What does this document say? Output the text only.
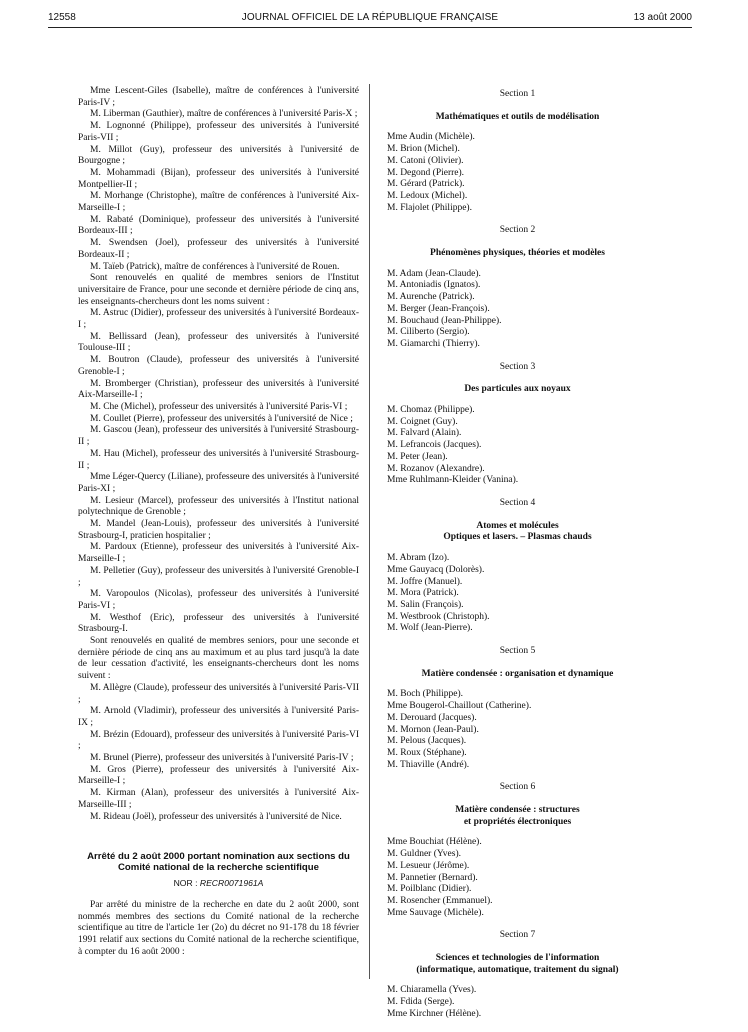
12558	JOURNAL OFFICIEL DE LA RÉPUBLIQUE FRANÇAISE	13 août 2000
Mme Lescent-Giles (Isabelle), maître de conférences à l'université Paris-IV ;
M. Liberman (Gauthier), maître de conférences à l'université Paris-X ;
M. Lognonné (Philippe), professeur des universités à l'université Paris-VII ;
M. Millot (Guy), professeur des universités à l'université de Bourgogne ;
M. Mohammadi (Bijan), professeur des universités à l'université Montpellier-II ;
M. Morhange (Christophe), maître de conférences à l'université Aix-Marseille-I ;
M. Rabaté (Dominique), professeur des universités à l'université Bordeaux-III ;
M. Swendsen (Joel), professeur des universités à l'université Bordeaux-II ;
M. Taïeb (Patrick), maître de conférences à l'université de Rouen.
Sont renouvelés en qualité de membres seniors de l'Institut universitaire de France, pour une seconde et dernière période de cinq ans, les enseignants-chercheurs dont les noms suivent :
M. Astruc (Didier), professeur des universités à l'université Bordeaux-I ;
M. Bellissard (Jean), professeur des universités à l'université Toulouse-III ;
M. Boutron (Claude), professeur des universités à l'université Grenoble-I ;
M. Bromberger (Christian), professeur des universités à l'université Aix-Marseille-I ;
M. Che (Michel), professeur des universités à l'université Paris-VI ;
M. Coullet (Pierre), professeur des universités à l'université de Nice ;
M. Gascou (Jean), professeur des universités à l'université Strasbourg-II ;
M. Hau (Michel), professeur des universités à l'université Strasbourg-II ;
Mme Léger-Quercy (Liliane), professeure des universités à l'université Paris-XI ;
M. Lesieur (Marcel), professeur des universités à l'Institut national polytechnique de Grenoble ;
M. Mandel (Jean-Louis), professeur des universités à l'université Strasbourg-I, praticien hospitalier ;
M. Pardoux (Etienne), professeur des universités à l'université Aix-Marseille-I ;
M. Pelletier (Guy), professeur des universités à l'université Grenoble-I ;
M. Varopoulos (Nicolas), professeur des universités à l'université Paris-VI ;
M. Westhof (Eric), professeur des universités à l'université Strasbourg-I.
Sont renouvelés en qualité de membres seniors, pour une seconde et dernière période de cinq ans au maximum et au plus tard jusqu'à la date de leur cessation d'activité, les enseignants-chercheurs dont les noms suivent :
M. Allègre (Claude), professeur des universités à l'université Paris-VII ;
M. Arnold (Vladimir), professeur des universités à l'université Paris-IX ;
M. Brézin (Edouard), professeur des universités à l'université Paris-VI ;
M. Brunel (Pierre), professeur des universités à l'université Paris-IV ;
M. Gros (Pierre), professeur des universités à l'université Aix-Marseille-I ;
M. Kirman (Alan), professeur des universités à l'université Aix-Marseille-III ;
M. Rideau (Joël), professeur des universités à l'université de Nice.
Arrêté du 2 août 2000 portant nomination aux sections du Comité national de la recherche scientifique
NOR : RECR0071961A
Par arrêté du ministre de la recherche en date du 2 août 2000, sont nommés membres des sections du Comité national de la recherche scientifique au titre de l'article 1er (2o) du décret no 91-178 du 18 février 1991 relatif aux sections du Comité national de la recherche scientifique, à compter du 16 août 2000 :
Section 1
Mathématiques et outils de modélisation
Mme Audin (Michèle).
M. Brion (Michel).
M. Catoni (Olivier).
M. Degond (Pierre).
M. Gérard (Patrick).
M. Ledoux (Michel).
M. Flajolet (Philippe).
Section 2
Phénomènes physiques, théories et modèles
M. Adam (Jean-Claude).
M. Antoniadis (Ignatos).
M. Aurenche (Patrick).
M. Berger (Jean-François).
M. Bouchaud (Jean-Philippe).
M. Ciliberto (Sergio).
M. Giamarchi (Thierry).
Section 3
Des particules aux noyaux
M. Chomaz (Philippe).
M. Coignet (Guy).
M. Falvard (Alain).
M. Lefrancois (Jacques).
M. Peter (Jean).
M. Rozanov (Alexandre).
Mme Ruhlmann-Kleider (Vanina).
Section 4
Atomes et molécules
Optiques et lasers. – Plasmas chauds
M. Abram (Izo).
Mme Gauyacq (Dolorès).
M. Joffre (Manuel).
M. Mora (Patrick).
M. Salin (François).
M. Westbrook (Christoph).
M. Wolf (Jean-Pierre).
Section 5
Matière condensée : organisation et dynamique
M. Boch (Philippe).
Mme Bougerol-Chaillout (Catherine).
M. Derouard (Jacques).
M. Mornon (Jean-Paul).
M. Pelous (Jacques).
M. Roux (Stéphane).
M. Thiaville (André).
Section 6
Matière condensée : structures
et propriétés électroniques
Mme Bouchiat (Hélène).
M. Guldner (Yves).
M. Lesueur (Jérôme).
M. Pannetier (Bernard).
M. Poilblanc (Didier).
M. Rosencher (Emmanuel).
Mme Sauvage (Michèle).
Section 7
Sciences et technologies de l'information
(informatique, automatique, traitement du signal)
M. Chiaramella (Yves).
M. Fdida (Serge).
Mme Kirchner (Hélène).
